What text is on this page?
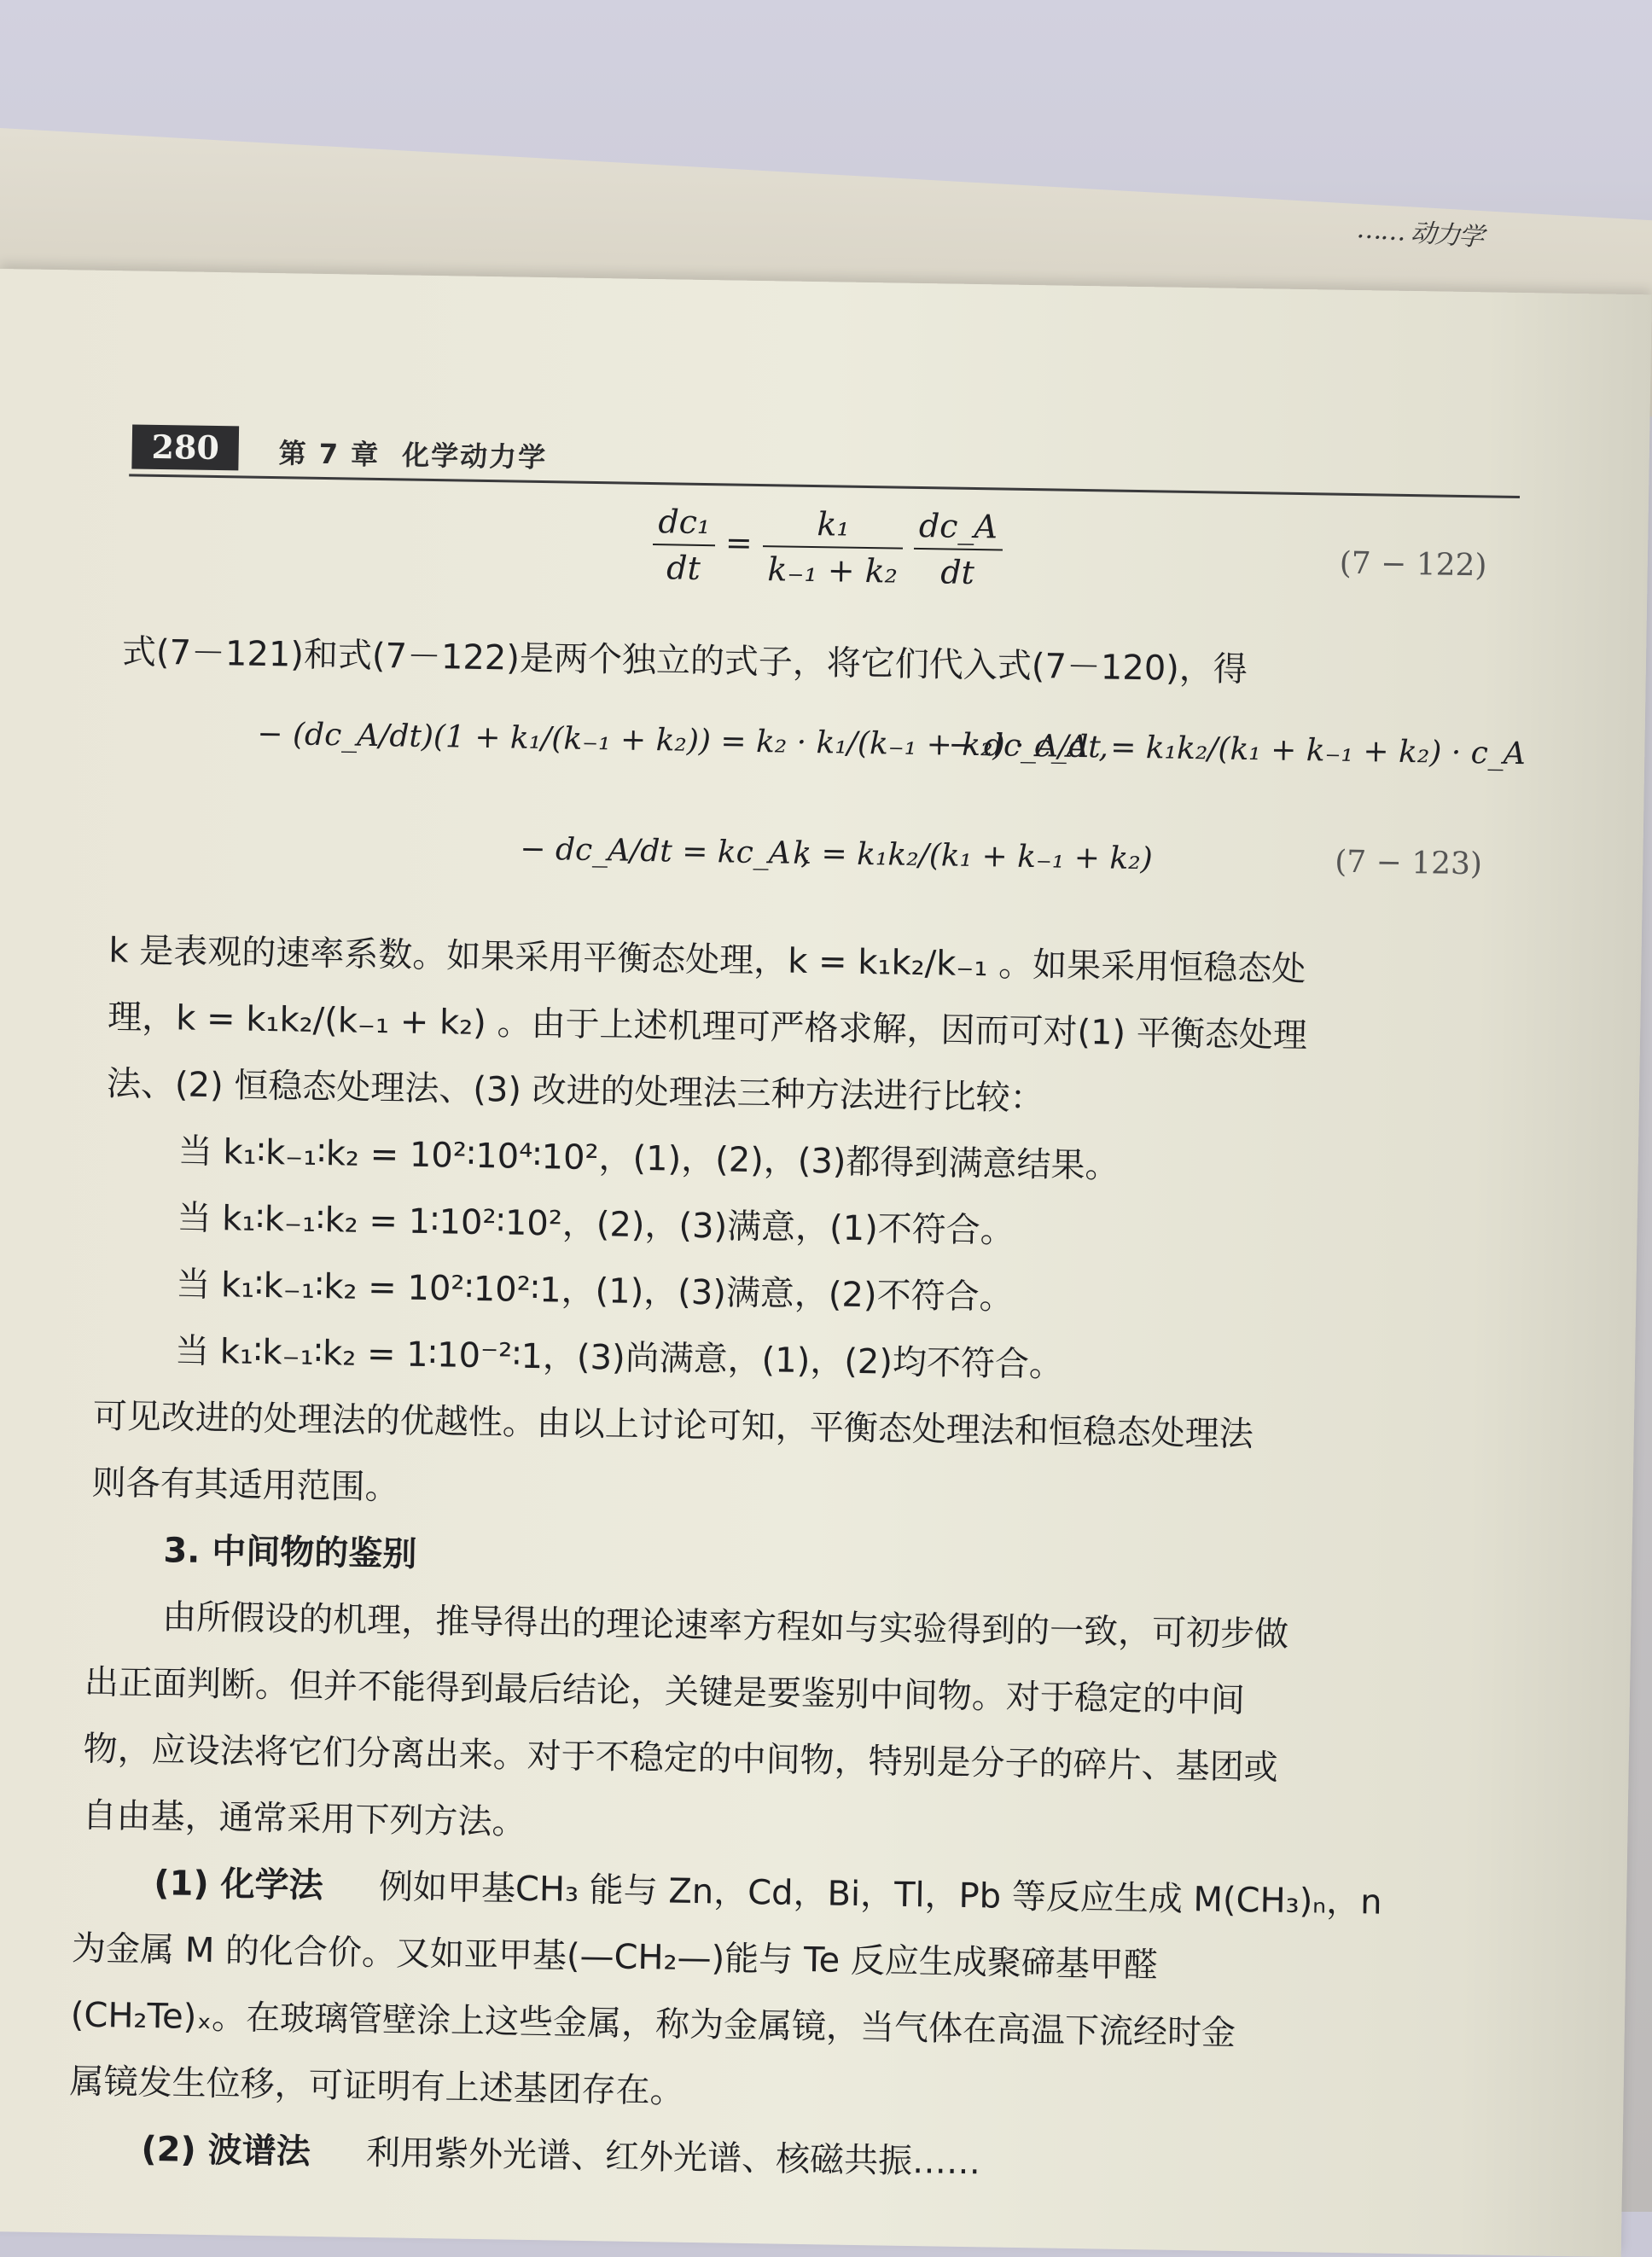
…… 动力学
280	第 7 章 化学动力学
$\frac{\text{dc₁}}{dt}$ =
$\frac{\text{k₁}}{\text{k₋₁ + k₂}}$
$\frac{dc\_A}{dt}$	(7 − 122)
式(7－121)和式(7－122)是两个独立的式子，将它们代入式(7－120)，得
− (dc_A/dt)(1 + k₁/(k₋₁ + k₂)) = k₂ · k₁/(k₋₁ + k₂) · c_A ,
− dc_A/dt = k₁k₂/(k₁ + k₋₁ + k₂) · c_A
− dc_A/dt = kc_A ,
k = k₁k₂/(k₁ + k₋₁ + k₂)	(7 − 123)
k 是表观的速率系数。如果采用平衡态处理，k = k₁k₂/k₋₁ 。如果采用恒稳态处
理，k = k₁k₂/(k₋₁ + k₂) 。由于上述机理可严格求解，因而可对(1) 平衡态处理
法、(2) 恒稳态处理法、(3) 改进的处理法三种方法进行比较：
当 k₁∶k₋₁∶k₂ = 10²∶10⁴∶10²，(1)，(2)，(3)都得到满意结果。
当 k₁∶k₋₁∶k₂ = 1∶10²∶10²，(2)，(3)满意，(1)不符合。
当 k₁∶k₋₁∶k₂ = 10²∶10²∶1，(1)，(3)满意，(2)不符合。
当 k₁∶k₋₁∶k₂ = 1∶10⁻²∶1，(3)尚满意，(1)，(2)均不符合。
可见改进的处理法的优越性。由以上讨论可知，平衡态处理法和恒稳态处理法
则各有其适用范围。
3. 中间物的鉴别
由所假设的机理，推导得出的理论速率方程如与实验得到的一致，可初步做
出正面判断。但并不能得到最后结论，关键是要鉴别中间物。对于稳定的中间
物，应设法将它们分离出来。对于不稳定的中间物，特别是分子的碎片、基团或
自由基，通常采用下列方法。
(1) 化学法 例如甲基CH₃ 能与 Zn，Cd，Bi，Tl，Pb 等反应生成 M(CH₃)ₙ，n
为金属 M 的化合价。又如亚甲基(—CH₂—)能与 Te 反应生成聚碲基甲醛
(CH₂Te)ₓ。在玻璃管壁涂上这些金属，称为金属镜，当气体在高温下流经时金
属镜发生位移，可证明有上述基团存在。
(2) 波谱法 利用紫外光谱、红外光谱、核磁共振……
